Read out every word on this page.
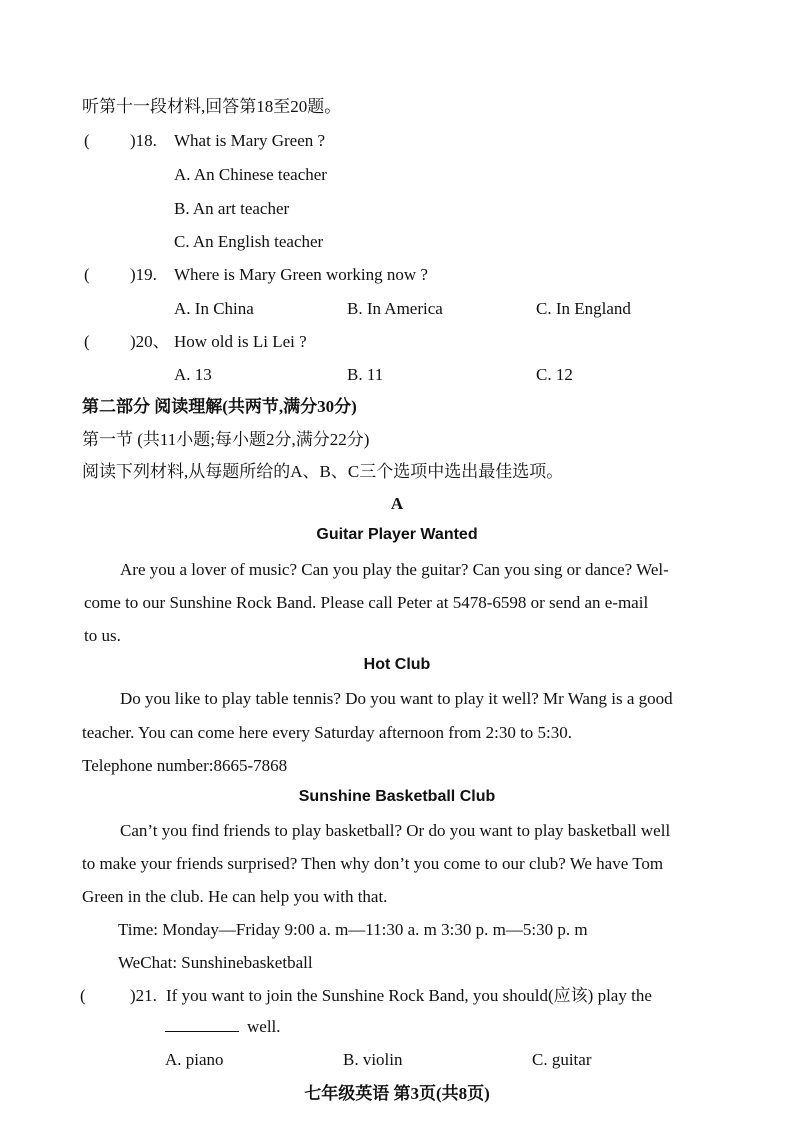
听第十一段材料,回答第18至20题。
( )18. What is Mary Green ?
A. An Chinese teacher
B. An art teacher
C. An English teacher
( )19. Where is Mary Green working now ?
A. In China	B. In America	C. In England
( )20、 How old is Li Lei ?
A. 13	B. 11	C. 12
第二部分 阅读理解(共两节,满分30分)
第一节 (共11小题;每小题2分,满分22分)
阅读下列材料,从每题所给的A、B、C三个选项中选出最佳选项。
A
Guitar Player Wanted
Are you a lover of music? Can you play the guitar? Can you sing or dance? Wel-
come to our Sunshine Rock Band. Please call Peter at 5478-6598 or send an e-mail
to us.
Hot Club
Do you like to play table tennis? Do you want to play it well? Mr Wang is a good
teacher. You can come here every Saturday afternoon from 2:30 to 5:30.
Telephone number:8665-7868
Sunshine Basketball Club
Can’t you find friends to play basketball? Or do you want to play basketball well
to make your friends surprised? Then why don’t you come to our club? We have Tom
Green in the club. He can help you with that.
Time: Monday—Friday 9:00 a. m—11:30 a. m 3:30 p. m—5:30 p. m
WeChat: Sunshinebasketball
(	)21. If you want to join the Sunshine Rock Band, you should(应该) play the
well.
A. piano	B. violin	C. guitar
七年级英语 第3页(共8页)
